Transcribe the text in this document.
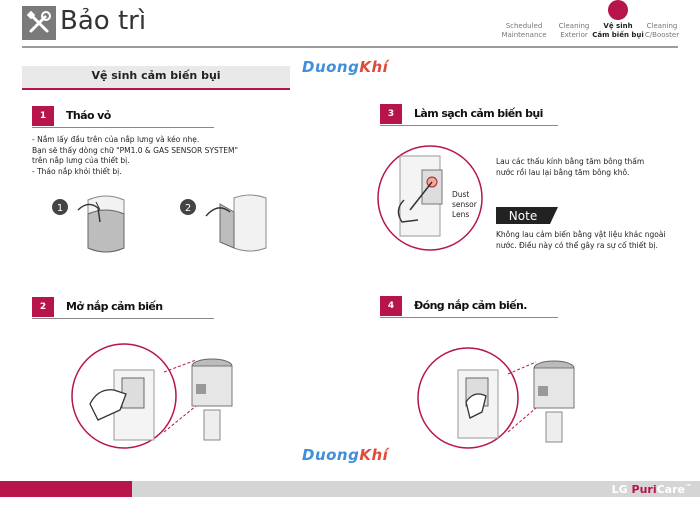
Bảo trì	Scheduled
Maintenance
Cleaning
Exterior
Vệ sinh
Cảm biến bụi
Cleaning
C/Booster
Vệ sinh cảm biến bụi	DuongKhí
DuongKhí
1	Tháo vỏ
- Nắm lấy đầu trên của nắp lưng và kéo nhẹ.
Bạn sẽ thấy dòng chữ "PM1.0 & GAS SENSOR SYSTEM"
trên nắp lưng của thiết bị.
- Tháo nắp khỏi thiết bị.
1	2
3	Làm sạch cảm biến bụi
Dust
sensor
Lens
Lau các thấu kính bằng tăm bông thấm
nước rồi lau lại bằng tăm bông khô.
Note
Không lau cảm biến bằng vật liệu khác ngoài
nước. Điều này có thể gây ra sự cố thiết bị.
2	Mở nắp cảm biến	4	Đóng nắp cảm biến.
LG PuriCare™
